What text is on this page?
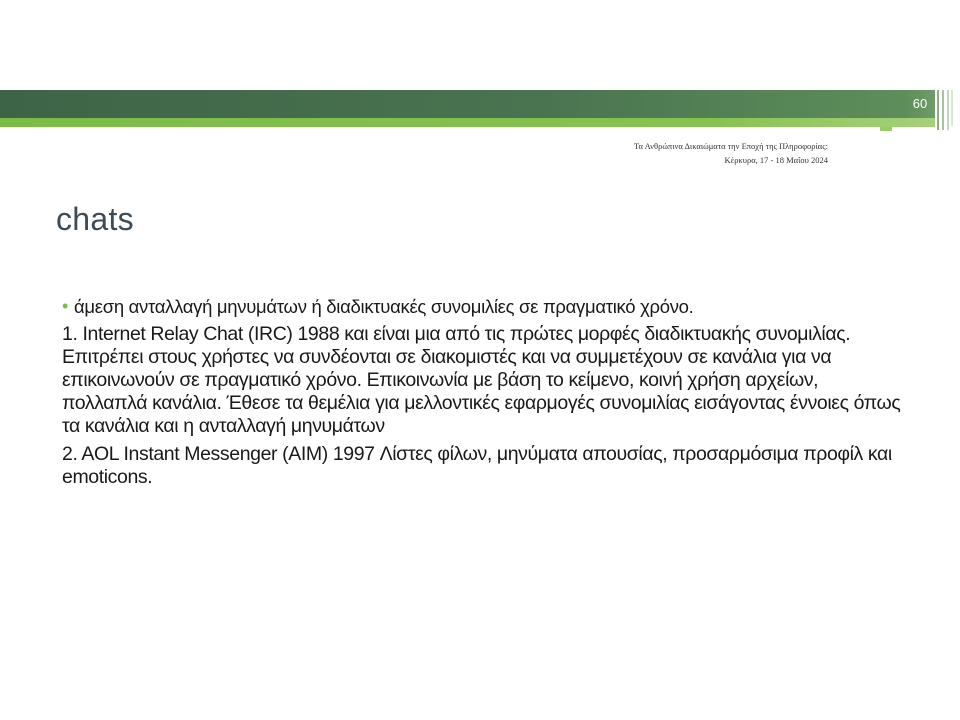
60
Τα Ανθρώπινα Δικαιώματα την Εποχή της Πληροφορίας:
Κέρκυρα, 17 - 18 Μαΐου 2024
chats
• άμεση ανταλλαγή μηνυμάτων ή διαδικτυακές συνομιλίες σε πραγματικό χρόνο.

1. Internet Relay Chat (IRC) 1988 και είναι μια από τις πρώτες μορφές διαδικτυακής συνομιλίας. Επιτρέπει στους χρήστες να συνδέονται σε διακομιστές και να συμμετέχουν σε κανάλια για να επικοινωνούν σε πραγματικό χρόνο. Επικοινωνία με βάση το κείμενο, κοινή χρήση αρχείων, πολλαπλά κανάλια. Έθεσε τα θεμέλια για μελλοντικές εφαρμογές συνομιλίας εισάγοντας έννοιες όπως τα κανάλια και η ανταλλαγή μηνυμάτων

2. AOL Instant Messenger (AIM) 1997 Λίστες φίλων, μηνύματα απουσίας, προσαρμόσιμα προφίλ και emoticons.
